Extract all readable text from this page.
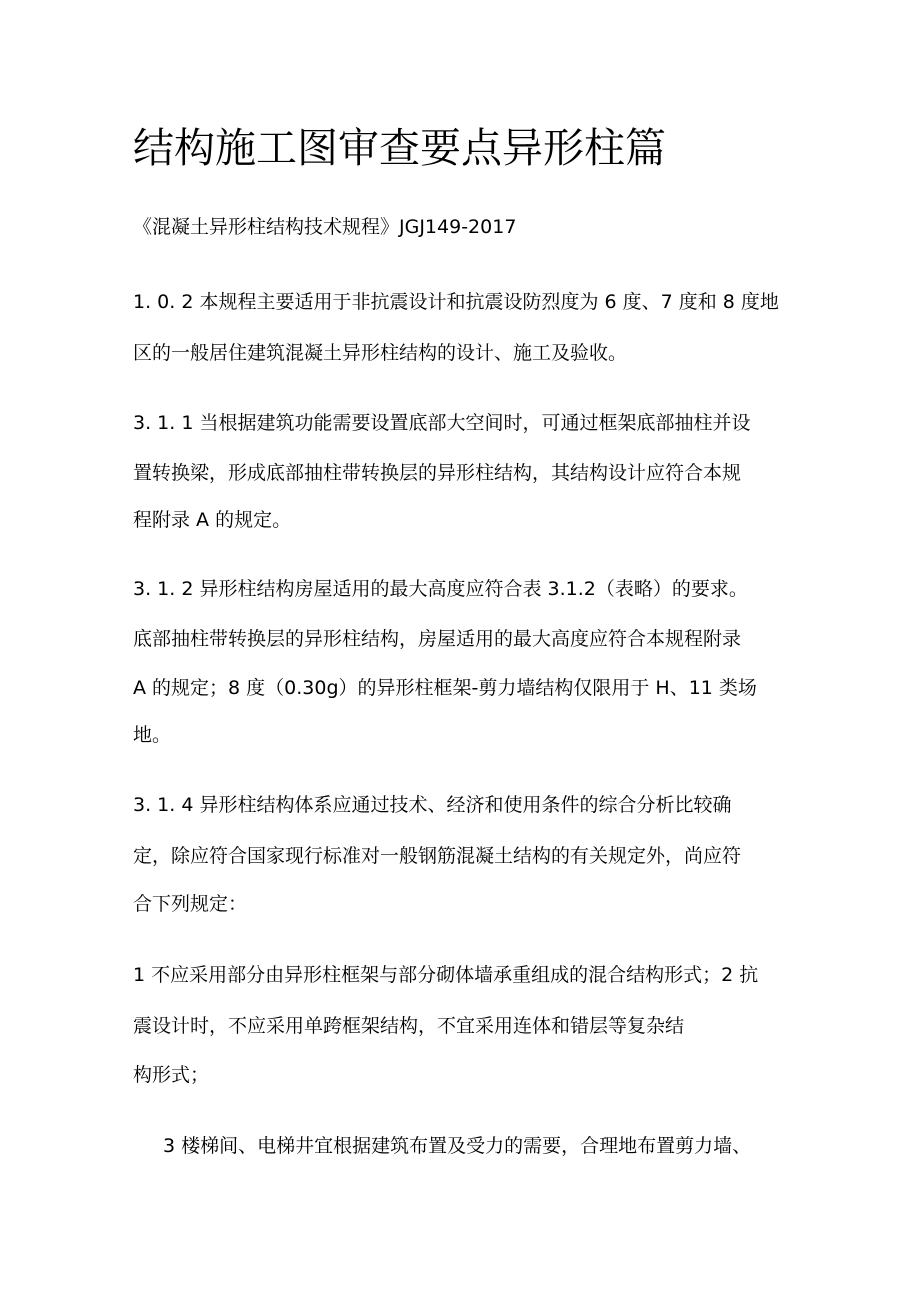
结构施工图审查要点异形柱篇
《混凝土异形柱结构技术规程》JGJ149-2017
1. 0. 2 本规程主要适用于非抗震设计和抗震设防烈度为 6 度、7 度和 8 度地
区的一般居住建筑混凝土异形柱结构的设计、施工及验收。
3. 1. 1 当根据建筑功能需要设置底部大空间时，可通过框架底部抽柱并设
置转换梁，形成底部抽柱带转换层的异形柱结构，其结构设计应符合本规
程附录 A 的规定。
3. 1. 2 异形柱结构房屋适用的最大高度应符合表 3.1.2（表略）的要求。
底部抽柱带转换层的异形柱结构，房屋适用的最大高度应符合本规程附录
A 的规定；8 度（0.30g）的异形柱框架-剪力墙结构仅限用于 H、11 类场
地。
3. 1. 4 异形柱结构体系应通过技术、经济和使用条件的综合分析比较确
定，除应符合国家现行标准对一般钢筋混凝土结构的有关规定外，尚应符
合下列规定：
1 不应采用部分由异形柱框架与部分砌体墙承重组成的混合结构形式；2 抗
震设计时，不应采用单跨框架结构，不宜采用连体和错层等复杂结
构形式；
3 楼梯间、电梯井宜根据建筑布置及受力的需要，合理地布置剪力墙、
